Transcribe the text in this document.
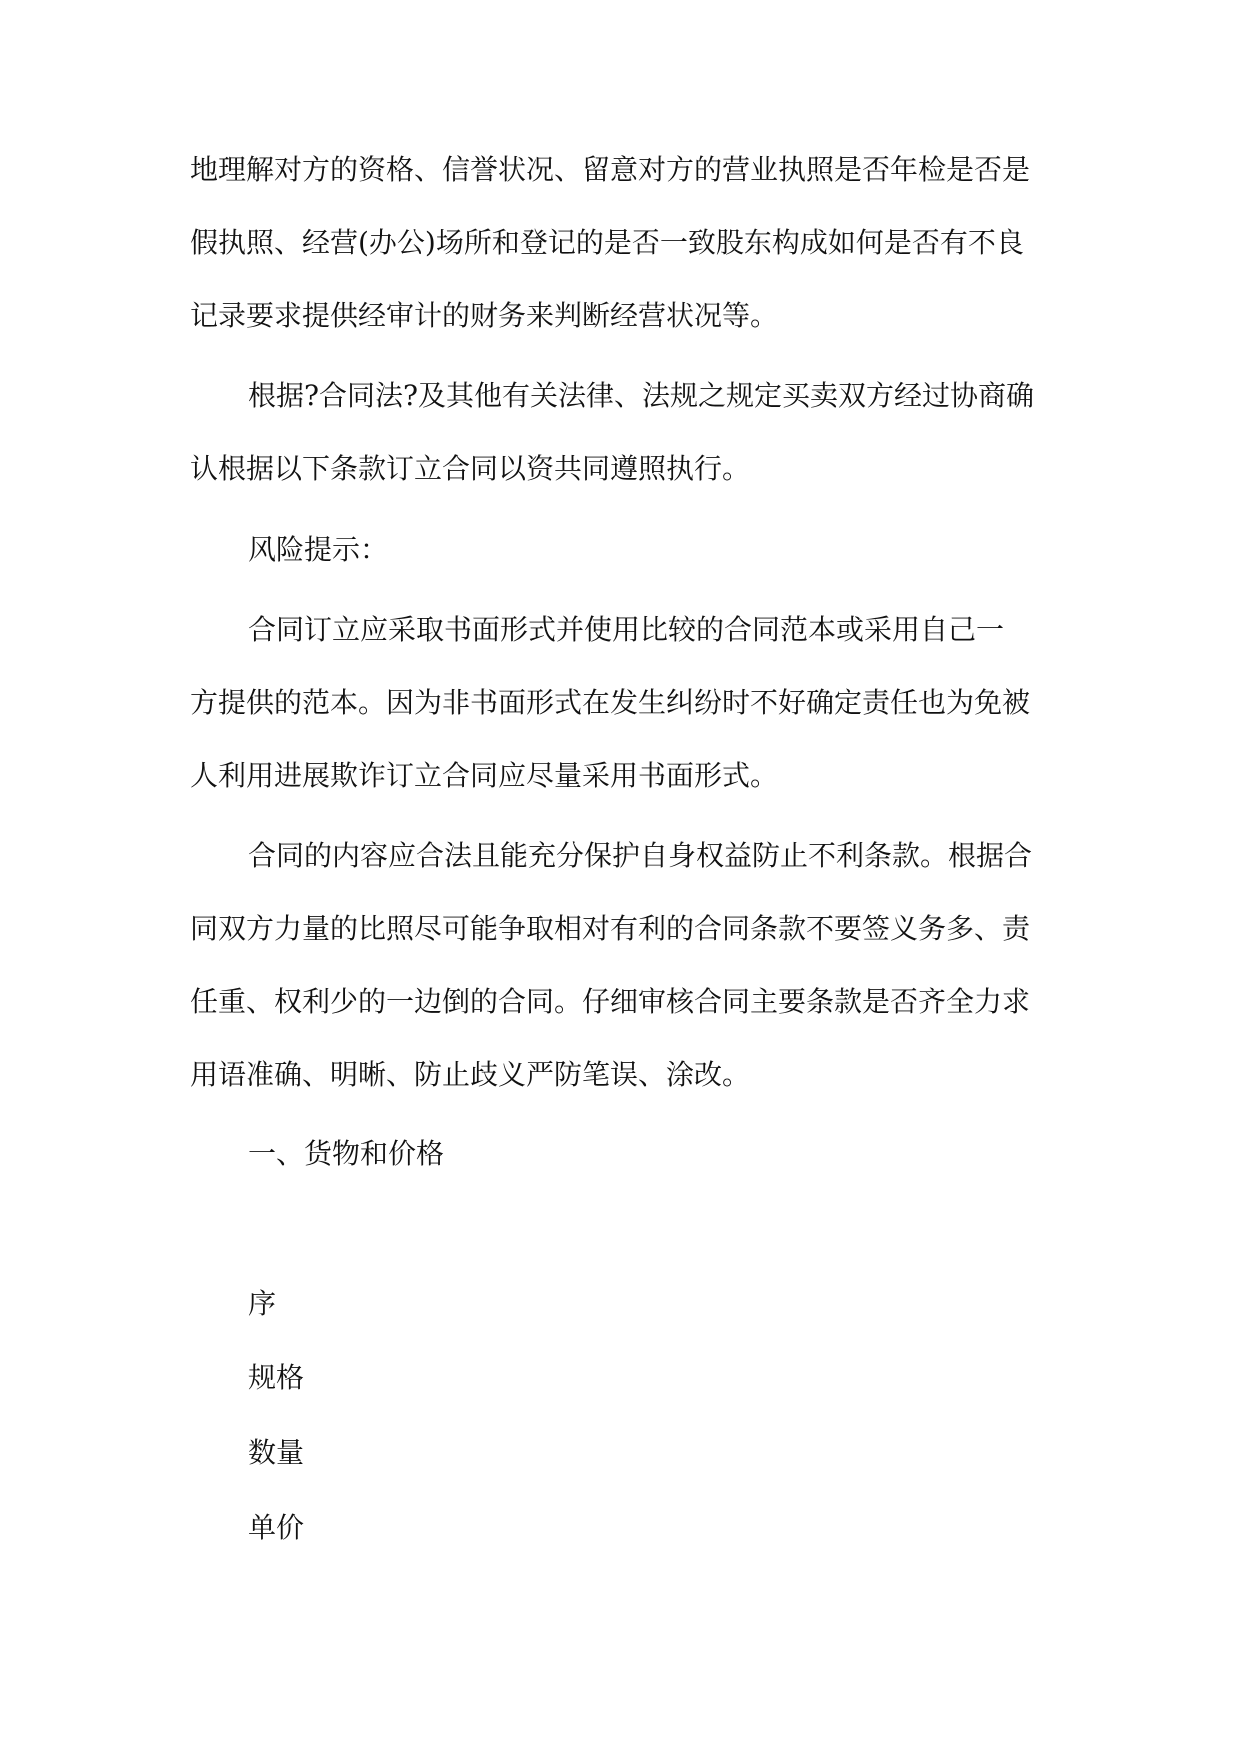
地理解对方的资格、信誉状况、留意对方的营业执照是否年检是否是
假执照、经营(办公)场所和登记的是否一致股东构成如何是否有不良
记录要求提供经审计的财务来判断经营状况等。
根据?合同法?及其他有关法律、法规之规定买卖双方经过协商确
认根据以下条款订立合同以资共同遵照执行。
风险提示：
合同订立应采取书面形式并使用比较的合同范本或采用自己一
方提供的范本。因为非书面形式在发生纠纷时不好确定责任也为免被
人利用进展欺诈订立合同应尽量采用书面形式。
合同的内容应合法且能充分保护自身权益防止不利条款。根据合
同双方力量的比照尽可能争取相对有利的合同条款不要签义务多、责
任重、权利少的一边倒的合同。仔细审核合同主要条款是否齐全力求
用语准确、明晰、防止歧义严防笔误、涂改。
一、货物和价格
序
规格
数量
单价
